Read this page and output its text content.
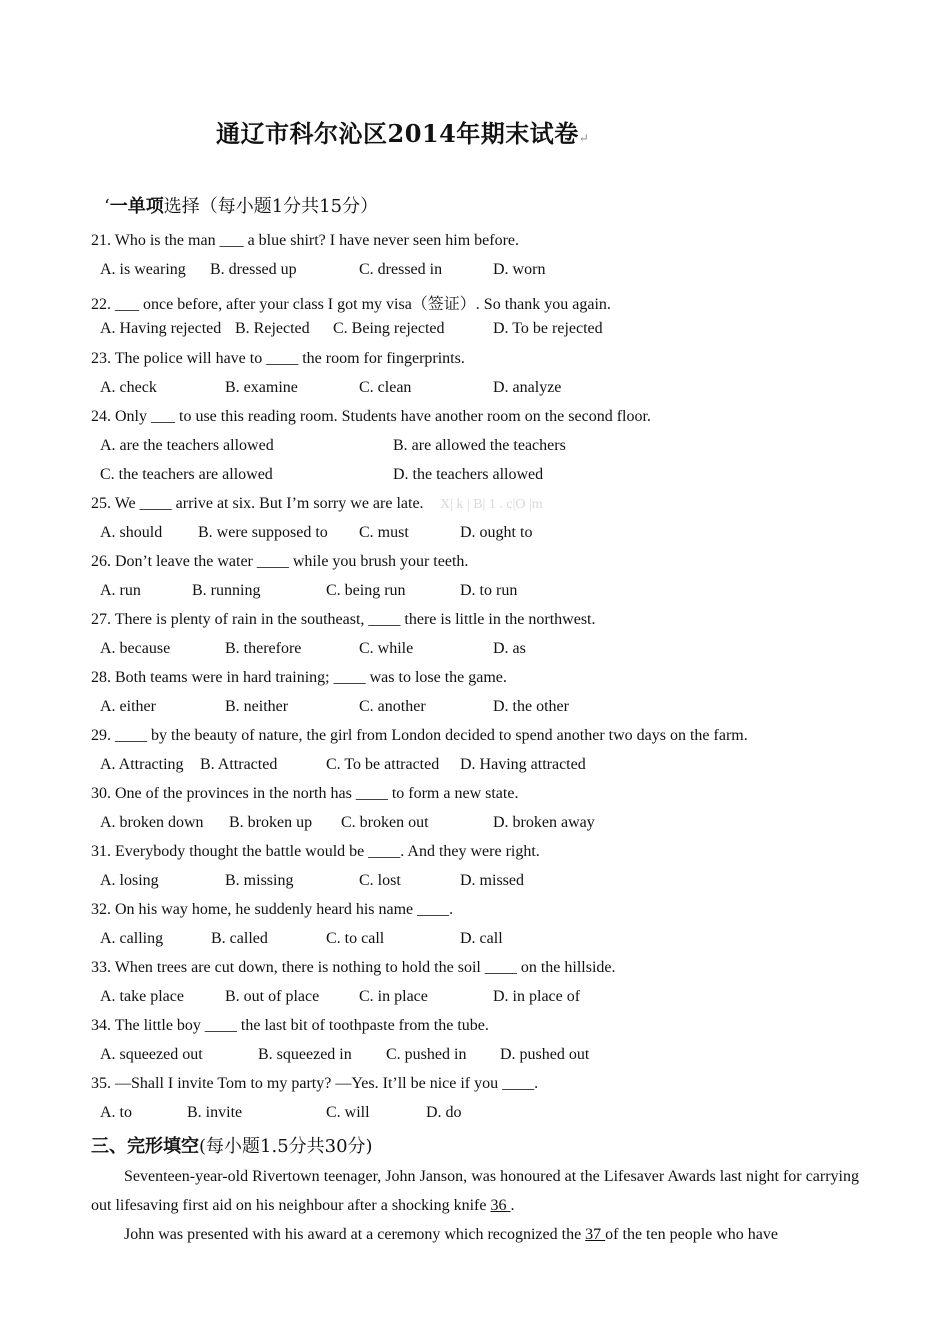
通辽市科尔沁区2014年期末试卷↵
‘一单项选择（每小题1分共15分）
21. Who is the man ___ a blue shirt? I have never seen him before.
A. is wearing B. dressed up	C. dressed in	D. worn
22. ___ once before, after your class I got my visa（签证）. So thank you again.
A. Having rejected B. Rejected C. Being rejected	D. To be rejected
23. The police will have to ____ the room for fingerprints.
A. check	B. examine	C. clean	D. analyze
24. Only ___ to use this reading room. Students have another room on the second floor.
A. are the teachers allowed	B. are allowed the teachers
C. the teachers are allowed	D. the teachers allowed
25. We ____ arrive at six. But I’m sorry we are late. X| k | B| 1 . c|O |m
A. should B. were supposed to C. must	D. ought to
26. Don’t leave the water ____ while you brush your teeth.
A. run	B. running	C. being run	D. to run
27. There is plenty of rain in the southeast, ____ there is little in the northwest.
A. because	B. therefore	C. while	D. as
28. Both teams were in hard training; ____ was to lose the game.
A. either	B. neither	C. another	D. the other
29. ____ by the beauty of nature, the girl from London decided to spend another two days on the farm.
A. Attracting B. Attracted	C. To be attracted D. Having attracted
30. One of the provinces in the north has ____ to form a new state.
A. broken down B. broken up C. broken out	D. broken away
31. Everybody thought the battle would be ____. And they were right.
A. losing	B. missing	C. lost	D. missed
32. On his way home, he suddenly heard his name ____.
A. calling	B. called	C. to call	D. call
33. When trees are cut down, there is nothing to hold the soil ____ on the hillside.
A. take place	B. out of place C. in place	D. in place of
34. The little boy ____ the last bit of toothpaste from the tube.
A. squeezed out	B. squeezed in C. pushed in D. pushed out
35. —Shall I invite Tom to my party? —Yes. It’ll be nice if you ____.
A. to	B. invite	C. will	D. do
三、完形填空(每小题1.5分共30分)
Seventeen-year-old Rivertown teenager, John Janson, was honoured at the Lifesaver Awards last night for carrying out lifesaving first aid on his neighbour after a shocking knife 36 .
John was presented with his award at a ceremony which recognized the 37 of the ten people who have
